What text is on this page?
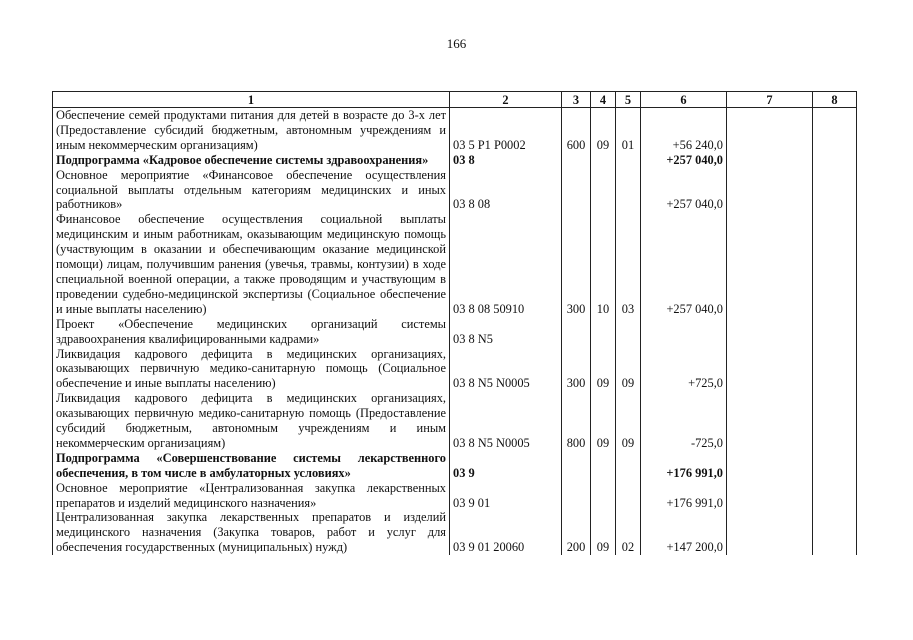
166
1	2	3	4	5	6	7	8
Обеспечение семей продуктами питания для детей в возрасте до 3-х лет (Предоставление субсидий бюджетным, автономным учреждениям и иным некоммерческим организациям)	03 5 P1 P0002	600	09	01	+56 240,0		
Подпрограмма «Кадровое обеспечение системы здравоохранения»	03 8				+257 040,0		
Основное мероприятие «Финансовое обеспечение осуществления социальной выплаты отдельным категориям медицинских и иных работников»	03 8 08				+257 040,0		
Финансовое обеспечение осуществления социальной выплаты медицинским и иным работникам, оказывающим медицинскую помощь (участвующим в оказании и обеспечивающим оказание медицинской помощи) лицам, получившим ранения (увечья, травмы, контузии) в ходе специальной военной операции, а также проводящим и участвующим в проведении судебно-медицинской экспертизы (Социальное обеспечение и иные выплаты населению)	03 8 08 50910	300	10	03	+257 040,0		
Проект «Обеспечение медицинских организаций системы здравоохранения квалифицированными кадрами»	03 8 N5						
Ликвидация кадрового дефицита в медицинских организациях, оказывающих первичную медико-санитарную помощь (Социальное обеспечение и иные выплаты населению)	03 8 N5 N0005	300	09	09	+725,0		
Ликвидация кадрового дефицита в медицинских организациях, оказывающих первичную медико-санитарную помощь (Предоставление субсидий бюджетным, автономным учреждениям и иным некоммерческим организациям)	03 8 N5 N0005	800	09	09	-725,0		
Подпрограмма «Совершенствование системы лекарственного обеспечения, в том числе в амбулаторных условиях»	03 9				+176 991,0		
Основное мероприятие «Централизованная закупка лекарственных препаратов и изделий медицинского назначения»	03 9 01				+176 991,0		
Централизованная закупка лекарственных препаратов и изделий медицинского назначения (Закупка товаров, работ и услуг для обеспечения государственных (муниципальных) нужд)	03 9 01 20060	200	09	02	+147 200,0		
